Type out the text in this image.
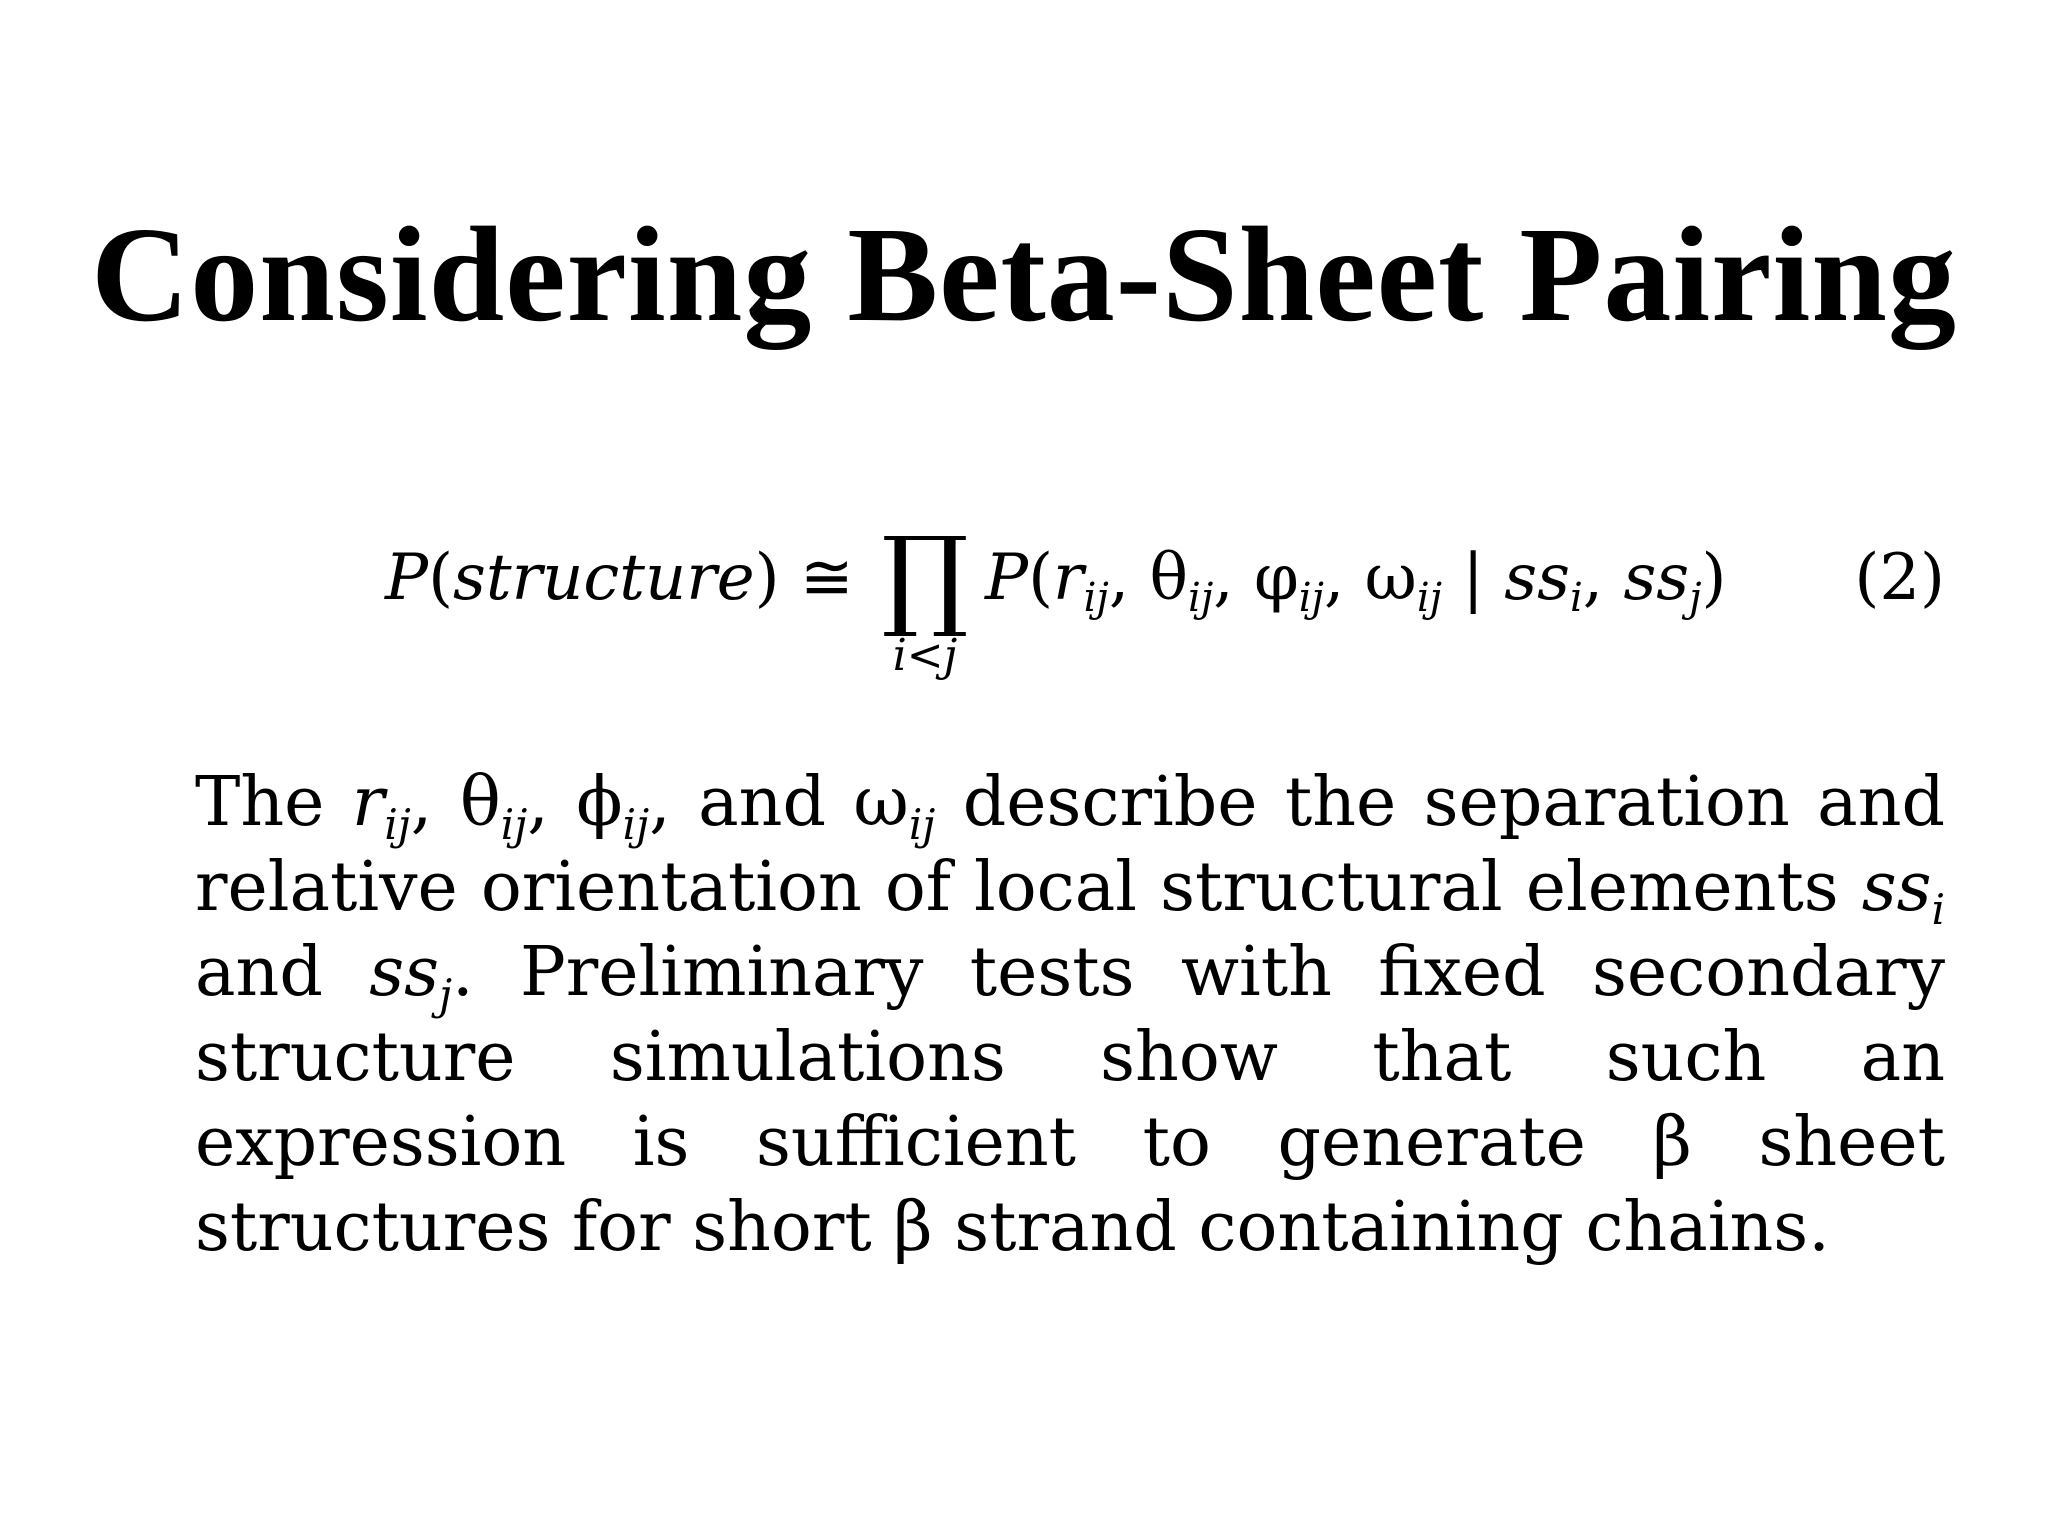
Considering Beta-Sheet Pairing
P(structure) ≅ ∏
i<j
$P(r_{ij}$, $\theta_{ij}$, $\varphi_{ij}$, $\omega_{ij}$ | $ss_i$, $ss_j$) (2)
The $r_{ij}$, $\theta_{ij}$, $\phi_{ij}$, and $\omega_{ij}$ describe the separation and relative orientation of local structural elements $ss_i$ and $ss_j$. Preliminary tests with fixed secondary structure simulations show that such an expression is sufficient to generate β sheet structures for short β strand containing chains.
